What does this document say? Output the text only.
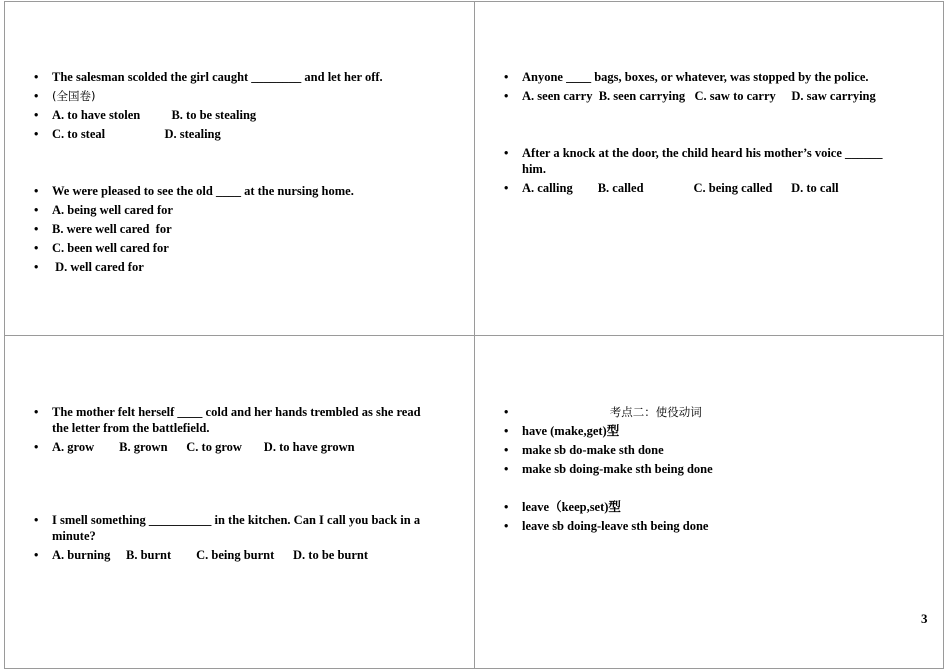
•	The salesman scolded the girl caught ________ and let her off.
•	(全国卷)
•	A. to have stolen          B. to be stealing
•	C. to steal                   D. stealing
•	We were pleased to see the old ____ at the nursing home.
•	A. being well cared for
•	B. were well cared  for
•	C. been well cared for
•	D. well cared for
•	Anyone ____ bags, boxes, or whatever, was stopped by the police.
•	A. seen carry  B. seen carrying   C. saw to carry     D. saw carrying
•	After a knock at the door, the child heard his mother’s voice ______ him.
•	A. calling        B. called                C. being called      D. to call
•	The mother felt herself ____ cold and her hands trembled as she read the letter from the battlefield.
•	A. grow        B. grown      C. to grow       D. to have grown
•	I smell something __________ in the kitchen. Can I call you back in a minute?
•	A. burning     B. burnt        C. being burnt      D. to be burnt
•	考点二：使役动词
•	have (make,get)型
•	make sb do-make sth done
•	make sb doing-make sth being done
•	leave（keep,set)型
•	leave sb doing-leave sth being done
3
